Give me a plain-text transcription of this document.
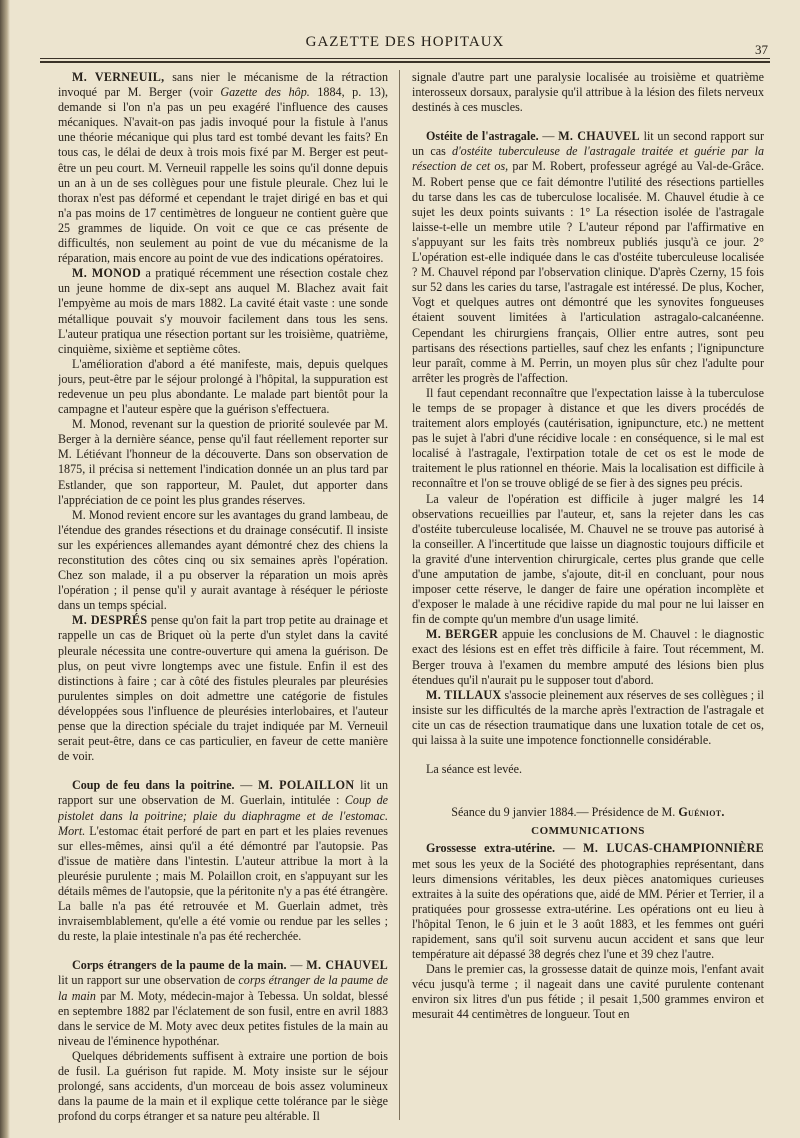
GAZETTE DES HOPITAUX	37

M. VERNEUIL, sans nier le mécanisme de la rétraction invoqué par M. Berger (voir Gazette des hôp. 1884, p. 13), demande si l'on n'a pas un peu exagéré l'influence des causes mécaniques. N'avait-on pas jadis invoqué pour la fistule à l'anus une théorie mécanique qui plus tard est tombé devant les faits? En tous cas, le délai de deux à trois mois fixé par M. Berger est peut-être un peu court. M. Verneuil rappelle les soins qu'il donne depuis un an à un de ses collègues pour une fistule pleurale. Chez lui le thorax n'est pas déformé et cependant le trajet dirigé en bas et qui n'a pas moins de 17 centimètres de longueur ne contient guère que 25 grammes de liquide. On voit ce que ce cas présente de difficultés, non seulement au point de vue du mécanisme de la réparation, mais encore au point de vue des indications opératoires.

M. MONOD a pratiqué récemment une résection costale chez un jeune homme de dix-sept ans auquel M. Blachez avait fait l'empyème au mois de mars 1882. La cavité était vaste : une sonde métallique pouvait s'y mouvoir facilement dans tous les sens. L'auteur pratiqua une résection portant sur les troisième, quatrième, cinquième, sixième et septième côtes.

L'amélioration d'abord a été manifeste, mais, depuis quelques jours, peut-être par le séjour prolongé à l'hôpital, la suppuration est redevenue un peu plus abondante. Le malade part bientôt pour la campagne et l'auteur espère que la guérison s'effectuera.

M. Monod, revenant sur la question de priorité soulevée par M. Berger à la dernière séance, pense qu'il faut réellement reporter sur M. Létiévant l'honneur de la découverte. Dans son observation de 1875, il précisa si nettement l'indication donnée un an plus tard par Estlander, que son rapporteur, M. Paulet, dut apporter dans l'appréciation de ce point les plus grandes réserves.

M. Monod revient encore sur les avantages du grand lambeau, de l'étendue des grandes résections et du drainage consécutif. Il insiste sur les expériences allemandes ayant démontré chez des chiens la reconstitution des côtes cinq ou six semaines après l'opération. Chez son malade, il a pu observer la réparation un mois après l'opération ; il pense qu'il y aurait avantage à réséquer le périoste dans un temps spécial.

M. DESPRÉS pense qu'on fait la part trop petite au drainage et rappelle un cas de Briquet où la perte d'un stylet dans la cavité pleurale nécessita une contre-ouverture qui amena la guérison. De plus, on peut vivre longtemps avec une fistule. Enfin il est des distinctions à faire ; car à côté des fistules pleurales par pleurésies purulentes simples on doit admettre une catégorie de fistules développées sous l'influence de pleurésies interlobaires, et l'auteur pense que la direction spéciale du trajet indiquée par M. Verneuil serait peut-être, dans ce cas particulier, en faveur de cette manière de voir.

Coup de feu dans la poitrine. — M. POLAILLON lit un rapport sur une observation de M. Guerlain, intitulée : Coup de pistolet dans la poitrine; plaie du diaphragme et de l'estomac. Mort. L'estomac était perforé de part en part et les plaies revenues sur elles-mêmes, ainsi qu'il a été démontré par l'autopsie. Pas d'issue de matière dans l'intestin. L'auteur attribue la mort à la pleurésie purulente ; mais M. Polaillon croit, en s'appuyant sur les détails mêmes de l'autopsie, que la péritonite n'y a pas été étrangère. La balle n'a pas été retrouvée et M. Guerlain admet, très invraisemblablement, qu'elle a été vomie ou rendue par les selles ; du reste, la plaie intestinale n'a pas été recherchée.

Corps étrangers de la paume de la main. — M. CHAUVEL lit un rapport sur une observation de corps étranger de la paume de la main par M. Moty, médecin-major à Tebessa. Un soldat, blessé en septembre 1882 par l'éclatement de son fusil, entre en avril 1883 dans le service de M. Moty avec deux petites fistules de la main au niveau de l'éminence hypothénar.

Quelques débridements suffisent à extraire une portion de bois de fusil. La guérison fut rapide. M. Moty insiste sur le séjour prolongé, sans accidents, d'un morceau de bois assez volumineux dans la paume de la main et il explique cette tolérance par le siège profond du corps étranger et sa nature peu altérable. Il

signale d'autre part une paralysie localisée au troisième et quatrième interosseux dorsaux, paralysie qu'il attribue à la lésion des filets nerveux destinés à ces muscles.

Ostéite de l'astragale. — M. CHAUVEL lit un second rapport sur un cas d'ostéite tuberculeuse de l'astragale traitée et guérie par la résection de cet os, par M. Robert, professeur agrégé au Val-de-Grâce. M. Robert pense que ce fait démontre l'utilité des résections partielles du tarse dans les cas de tuberculose localisée. M. Chauvel étudie à ce sujet les deux points suivants : 1° La résection isolée de l'astragale laisse-t-elle un membre utile ? L'auteur répond par l'affirmative en s'appuyant sur les faits très nombreux publiés jusqu'à ce jour. 2° L'opération est-elle indiquée dans le cas d'ostéite tuberculeuse localisée ? M. Chauvel répond par l'observation clinique. D'après Czerny, 15 fois sur 52 dans les caries du tarse, l'astragale est intéressé. De plus, Kocher, Vogt et quelques autres ont démontré que les synovites fongueuses étaient souvent limitées à l'articulation astragalo-calcanéenne. Cependant les chirurgiens français, Ollier entre autres, sont peu partisans des résections partielles, sauf chez les enfants ; l'ignipuncture leur paraît, comme à M. Perrin, un moyen plus sûr chez l'adulte pour arrêter les progrès de l'affection.

Il faut cependant reconnaître que l'expectation laisse à la tuberculose le temps de se propager à distance et que les divers procédés de traitement alors employés (cautérisation, ignipuncture, etc.) ne mettent pas le sujet à l'abri d'une récidive locale : en conséquence, si le mal est localisé à l'astragale, l'extirpation totale de cet os est le mode de traitement le plus rationnel en théorie. Mais la localisation est difficile à reconnaître et l'on se trouve obligé de se fier à des signes peu précis.

La valeur de l'opération est difficile à juger malgré les 14 observations recueillies par l'auteur, et, sans la rejeter dans les cas d'ostéite tuberculeuse localisée, M. Chauvel ne se trouve pas autorisé à la conseiller. A l'incertitude que laisse un diagnostic toujours difficile et la gravité d'une intervention chirurgicale, certes plus grande que celle d'une amputation de jambe, s'ajoute, dit-il en concluant, pour nous imposer cette réserve, le danger de faire une opération incomplète et d'exposer le malade à une récidive rapide du mal pour ne lui laisser en fin de compte qu'un membre d'un usage limité.

M. BERGER appuie les conclusions de M. Chauvel : le diagnostic exact des lésions est en effet très difficile à faire. Tout récemment, M. Berger trouva à l'examen du membre amputé des lésions bien plus étendues qu'il n'aurait pu le supposer tout d'abord.

M. TILLAUX s'associe pleinement aux réserves de ses collègues ; il insiste sur les difficultés de la marche après l'extraction de l'astragale et cite un cas de résection traumatique dans une luxation totale de cet os, qui laissa à la suite une impotence fonctionnelle considérable.

La séance est levée.

Séance du 9 janvier 1884.— Présidence de M. Guéniot.

COMMUNICATIONS

Grossesse extra-utérine. — M. LUCAS-CHAMPIONNIÈRE met sous les yeux de la Société des photographies représentant, dans leurs dimensions véritables, les deux pièces anatomiques curieuses extraites à la suite des opérations que, aidé de MM. Périer et Terrier, il a pratiquées pour grossesse extra-utérine. Les opérations ont eu lieu à l'hôpital Tenon, le 6 juin et le 3 août 1883, et les femmes ont guéri rapidement, sans qu'il soit survenu aucun accident et sans que leur température ait dépassé 38 degrés chez l'une et 39 chez l'autre.

Dans le premier cas, la grossesse datait de quinze mois, l'enfant avait vécu jusqu'à terme ; il nageait dans une cavité purulente contenant environ six litres d'un pus fétide ; il pesait 1,500 grammes environ et mesurait 44 centimètres de longueur. Tout en
